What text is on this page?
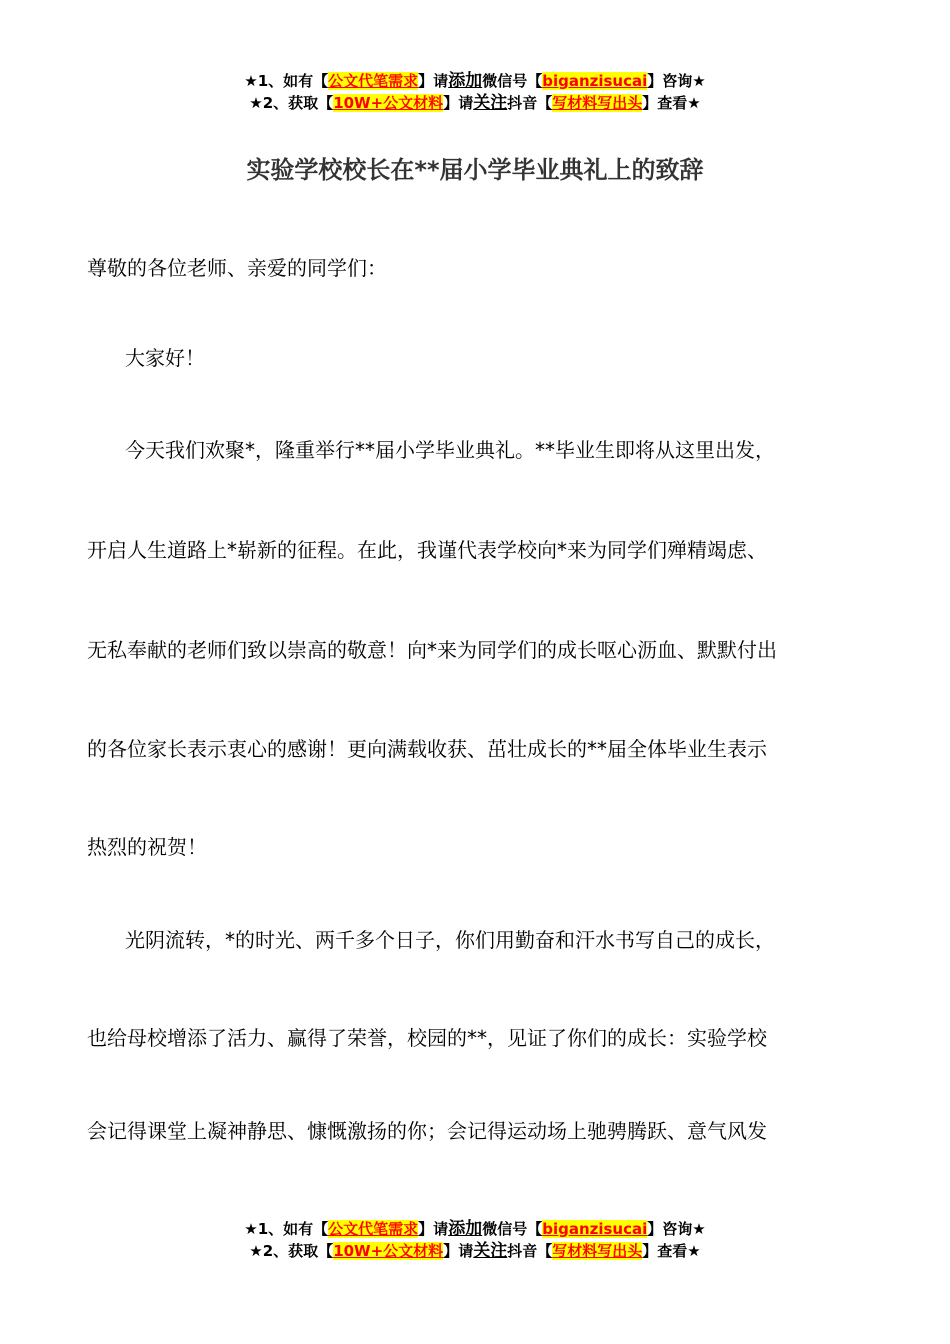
★1、如有【公文代笔需求】请添加微信号【biganzisucai】咨询★
★2、获取【10W+公文材料】请关注抖音【写材料写出头】查看★
实验学校校长在**届小学毕业典礼上的致辞
尊敬的各位老师、亲爱的同学们：
大家好！
今天我们欢聚*，隆重举行**届小学毕业典礼。**毕业生即将从这里出发，
开启人生道路上*崭新的征程。在此，我谨代表学校向*来为同学们殚精竭虑、
无私奉献的老师们致以崇高的敬意！向*来为同学们的成长呕心沥血、默默付出
的各位家长表示衷心的感谢！更向满载收获、茁壮成长的**届全体毕业生表示
热烈的祝贺！
光阴流转，*的时光、两千多个日子，你们用勤奋和汗水书写自己的成长，
也给母校增添了活力、赢得了荣誉，校园的**，见证了你们的成长：实验学校
会记得课堂上凝神静思、慷慨激扬的你；会记得运动场上驰骋腾跃、意气风发
★1、如有【公文代笔需求】请添加微信号【biganzisucai】咨询★
★2、获取【10W+公文材料】请关注抖音【写材料写出头】查看★
